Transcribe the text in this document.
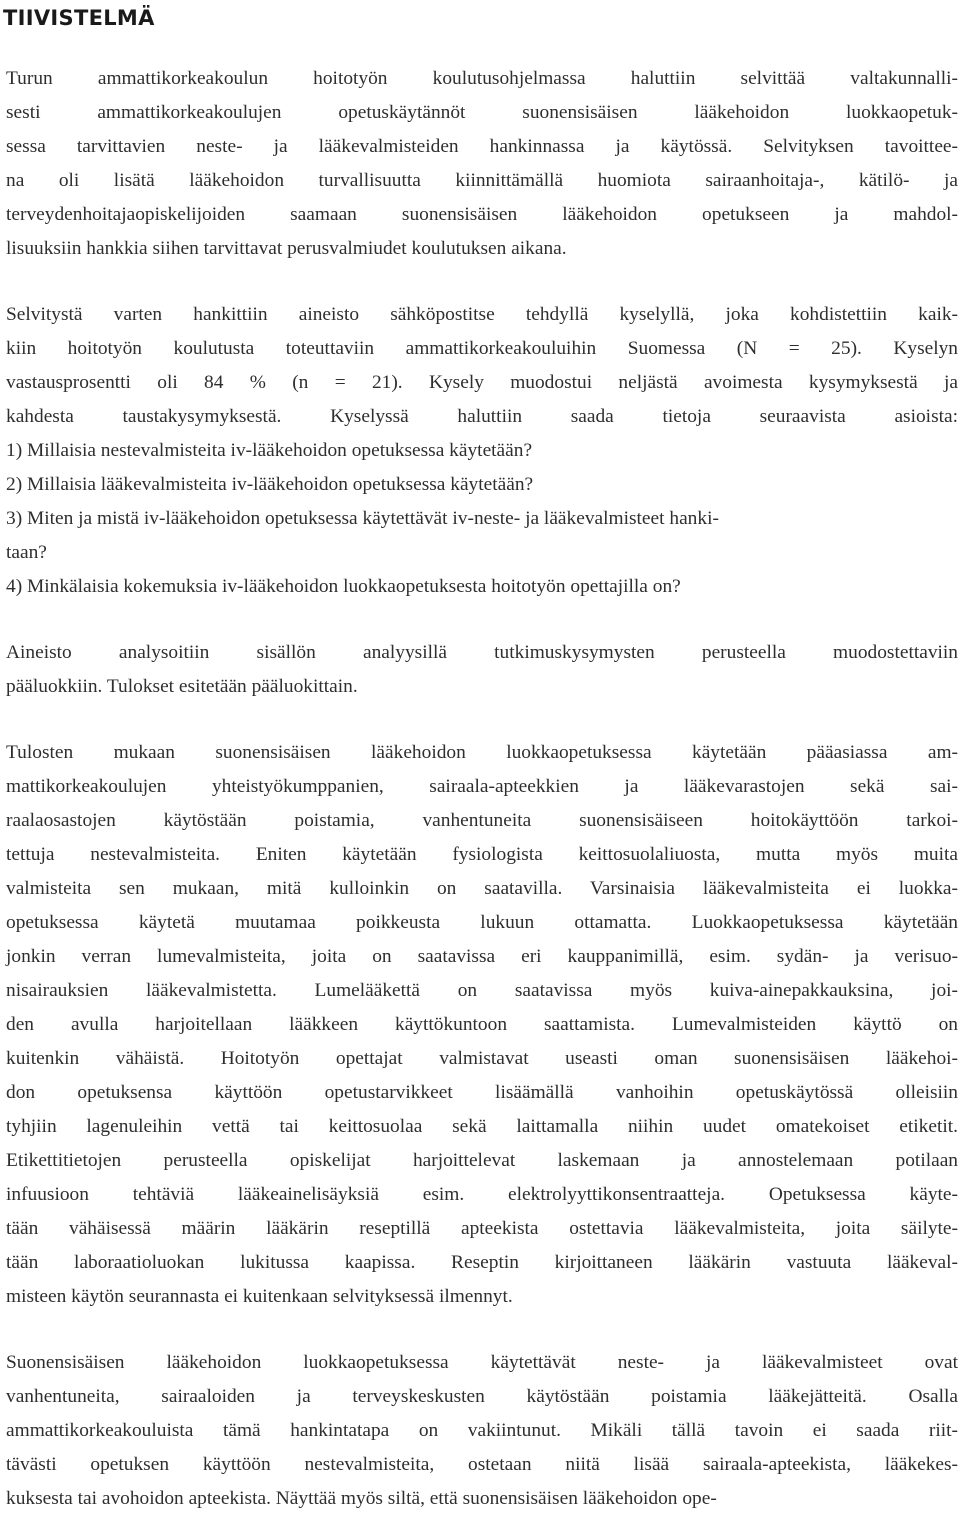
TIIVISTELMÄ
Turun ammattikorkeakoulun hoitotyön koulutusohjelmassa haluttiin selvittää valtakunnalli-
sesti ammattikorkeakoulujen opetuskäytännöt suonensisäisen lääkehoidon luokkaopetuk-
sessa tarvittavien neste- ja lääkevalmisteiden hankinnassa ja käytössä. Selvityksen tavoittee-
na oli lisätä lääkehoidon turvallisuutta kiinnittämällä huomiota sairaanhoitaja-, kätilö- ja
terveydenhoitajaopiskelijoiden saamaan suonensisäisen lääkehoidon opetukseen ja mahdol-
lisuuksiin hankkia siihen tarvittavat perusvalmiudet koulutuksen aikana.
Selvitystä varten hankittiin aineisto sähköpostitse tehdyllä kyselyllä, joka kohdistettiin kaik-
kiin hoitotyön koulutusta toteuttaviin ammattikorkeakouluihin Suomessa (N = 25). Kyselyn
vastausprosentti oli 84 % (n = 21). Kysely muodostui neljästä avoimesta kysymyksestä ja
kahdesta taustakysymyksestä. Kyselyssä haluttiin saada tietoja seuraavista asioista:
1) Millaisia nestevalmisteita iv-lääkehoidon opetuksessa käytetään?
2) Millaisia lääkevalmisteita iv-lääkehoidon opetuksessa käytetään?
3) Miten ja mistä iv-lääkehoidon opetuksessa käytettävät iv-neste- ja lääkevalmisteet hanki-
taan?
4) Minkälaisia kokemuksia iv-lääkehoidon luokkaopetuksesta hoitotyön opettajilla on?
Aineisto analysoitiin sisällön analyysillä tutkimuskysymysten perusteella muodostettaviin
pääluokkiin. Tulokset esitetään pääluokittain.
Tulosten mukaan suonensisäisen lääkehoidon luokkaopetuksessa käytetään pääasiassa am-
mattikorkeakoulujen yhteistyökumppanien, sairaala-apteekkien ja lääkevarastojen sekä sai-
raalaosastojen käytöstään poistamia, vanhentuneita suonensisäiseen hoitokäyttöön tarkoi-
tettuja nestevalmisteita. Eniten käytetään fysiologista keittosuolaliuosta, mutta myös muita
valmisteita sen mukaan, mitä kulloinkin on saatavilla. Varsinaisia lääkevalmisteita ei luokka-
opetuksessa käytetä muutamaa poikkeusta lukuun ottamatta. Luokkaopetuksessa käytetään
jonkin verran lumevalmisteita, joita on saatavissa eri kauppanimillä, esim. sydän- ja verisuo-
nisairauksien lääkevalmistetta. Lumelääkettä on saatavissa myös kuiva-ainepakkauksina, joi-
den avulla harjoitellaan lääkkeen käyttökuntoon saattamista. Lumevalmisteiden käyttö on
kuitenkin vähäistä. Hoitotyön opettajat valmistavat useasti oman suonensisäisen lääkehoi-
don opetuksensa käyttöön opetustarvikkeet lisäämällä vanhoihin opetuskäytössä olleisiin
tyhjiin lagenuleihin vettä tai keittosuolaa sekä laittamalla niihin uudet omatekoiset etiketit.
Etikettitietojen perusteella opiskelijat harjoittelevat laskemaan ja annostelemaan potilaan
infuusioon tehtäviä lääkeainelisäyksiä esim. elektrolyyttikonsentraatteja. Opetuksessa käyte-
tään vähäisessä määrin lääkärin reseptillä apteekista ostettavia lääkevalmisteita, joita säilyte-
tään laboraatioluokan lukitussa kaapissa. Reseptin kirjoittaneen lääkärin vastuuta lääkeval-
misteen käytön seurannasta ei kuitenkaan selvityksessä ilmennyt.
Suonensisäisen lääkehoidon luokkaopetuksessa käytettävät neste- ja lääkevalmisteet ovat
vanhentuneita, sairaaloiden ja terveyskeskusten käytöstään poistamia lääkejätteitä. Osalla
ammattikorkeakouluista tämä hankintatapa on vakiintunut. Mikäli tällä tavoin ei saada riit-
tävästi opetuksen käyttöön nestevalmisteita, ostetaan niitä lisää sairaala-apteekista, lääkekes-
kuksesta tai avohoidon apteekista. Näyttää myös siltä, että suonensisäisen lääkehoidon ope-
